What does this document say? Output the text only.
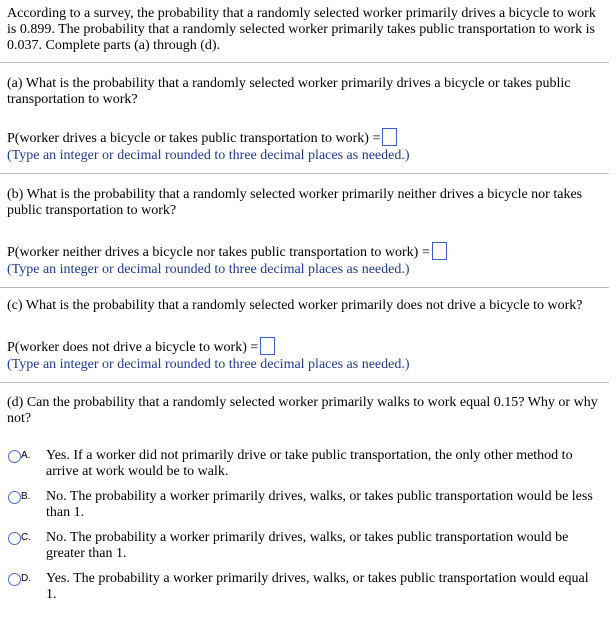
According to a survey, the probability that a randomly selected worker primarily drives a bicycle to work is 0.899. The probability that a randomly selected worker primarily takes public transportation to work is 0.037. Complete parts (a) through (d).
(a) What is the probability that a randomly selected worker primarily drives a bicycle or takes public transportation to work?
P(worker drives a bicycle or takes public transportation to work) =
(Type an integer or decimal rounded to three decimal places as needed.)
(b) What is the probability that a randomly selected worker primarily neither drives a bicycle nor takes public transportation to work?
P(worker neither drives a bicycle nor takes public transportation to work) =
(Type an integer or decimal rounded to three decimal places as needed.)
(c) What is the probability that a randomly selected worker primarily does not drive a bicycle to work?
P(worker does not drive a bicycle to work) =
(Type an integer or decimal rounded to three decimal places as needed.)
(d) Can the probability that a randomly selected worker primarily walks to work equal 0.15? Why or why not?
A. Yes. If a worker did not primarily drive or take public transportation, the only other method to arrive at work would be to walk.
B. No. The probability a worker primarily drives, walks, or takes public transportation would be less than 1.
C. No. The probability a worker primarily drives, walks, or takes public transportation would be greater than 1.
D. Yes. The probability a worker primarily drives, walks, or takes public transportation would equal 1.
